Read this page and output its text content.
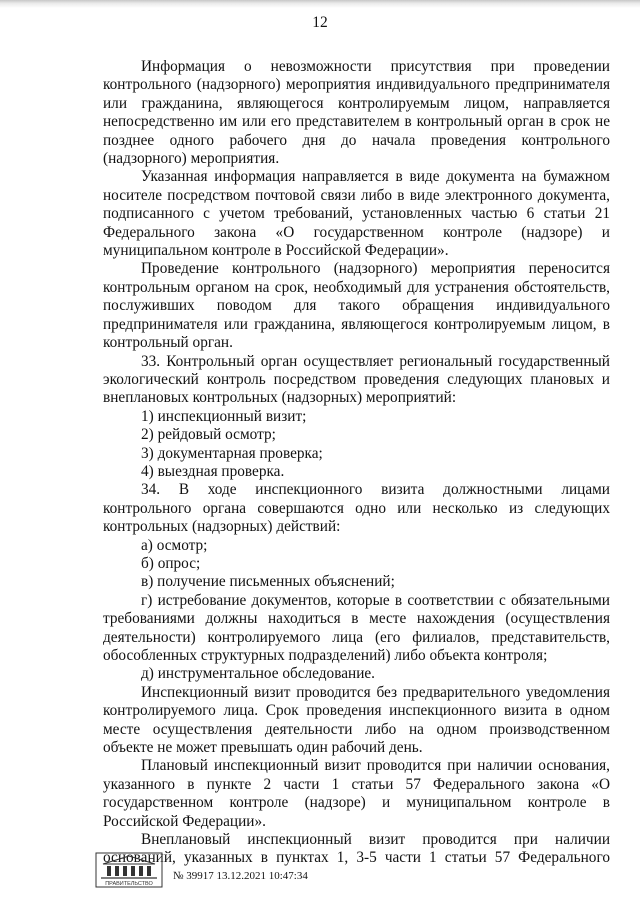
12

Информация о невозможности присутствия при проведении контрольного (надзорного) мероприятия индивидуального предпринимателя или гражданина, являющегося контролируемым лицом, направляется непосредственно им или его представителем в контрольный орган в срок не позднее одного рабочего дня до начала проведения контрольного (надзорного) мероприятия.

Указанная информация направляется в виде документа на бумажном носителе посредством почтовой связи либо в виде электронного документа, подписанного с учетом требований, установленных частью 6 статьи 21 Федерального закона «О государственном контроле (надзоре) и муниципальном контроле в Российской Федерации».

Проведение контрольного (надзорного) мероприятия переносится контрольным органом на срок, необходимый для устранения обстоятельств, послуживших поводом для такого обращения индивидуального предпринимателя или гражданина, являющегося контролируемым лицом, в контрольный орган.

33. Контрольный орган осуществляет региональный государственный экологический контроль посредством проведения следующих плановых и внеплановых контрольных (надзорных) мероприятий:

1) инспекционный визит;

2) рейдовый осмотр;

3) документарная проверка;

4) выездная проверка.

34. В ходе инспекционного визита должностными лицами контрольного органа совершаются одно или несколько из следующих контрольных (надзорных) действий:

а) осмотр;

б) опрос;

в) получение письменных объяснений;

г) истребование документов, которые в соответствии с обязательными требованиями должны находиться в месте нахождения (осуществления деятельности) контролируемого лица (его филиалов, представительств, обособленных структурных подразделений) либо объекта контроля;

д) инструментальное обследование.

Инспекционный визит проводится без предварительного уведомления контролируемого лица. Срок проведения инспекционного визита в одном месте осуществления деятельности либо на одном производственном объекте не может превышать один рабочий день.

Плановый инспекционный визит проводится при наличии основания, указанного в пункте 2 части 1 статьи 57 Федерального закона «О государственном контроле (надзоре) и муниципальном контроле в Российской Федерации».

Внеплановый инспекционный визит проводится при наличии оснований, указанных в пунктах 1, 3-5 части 1 статьи 57 Федерального

ПРАВИТЕЛЬСТВО
№ 39917 13.12.2021 10:47:34
